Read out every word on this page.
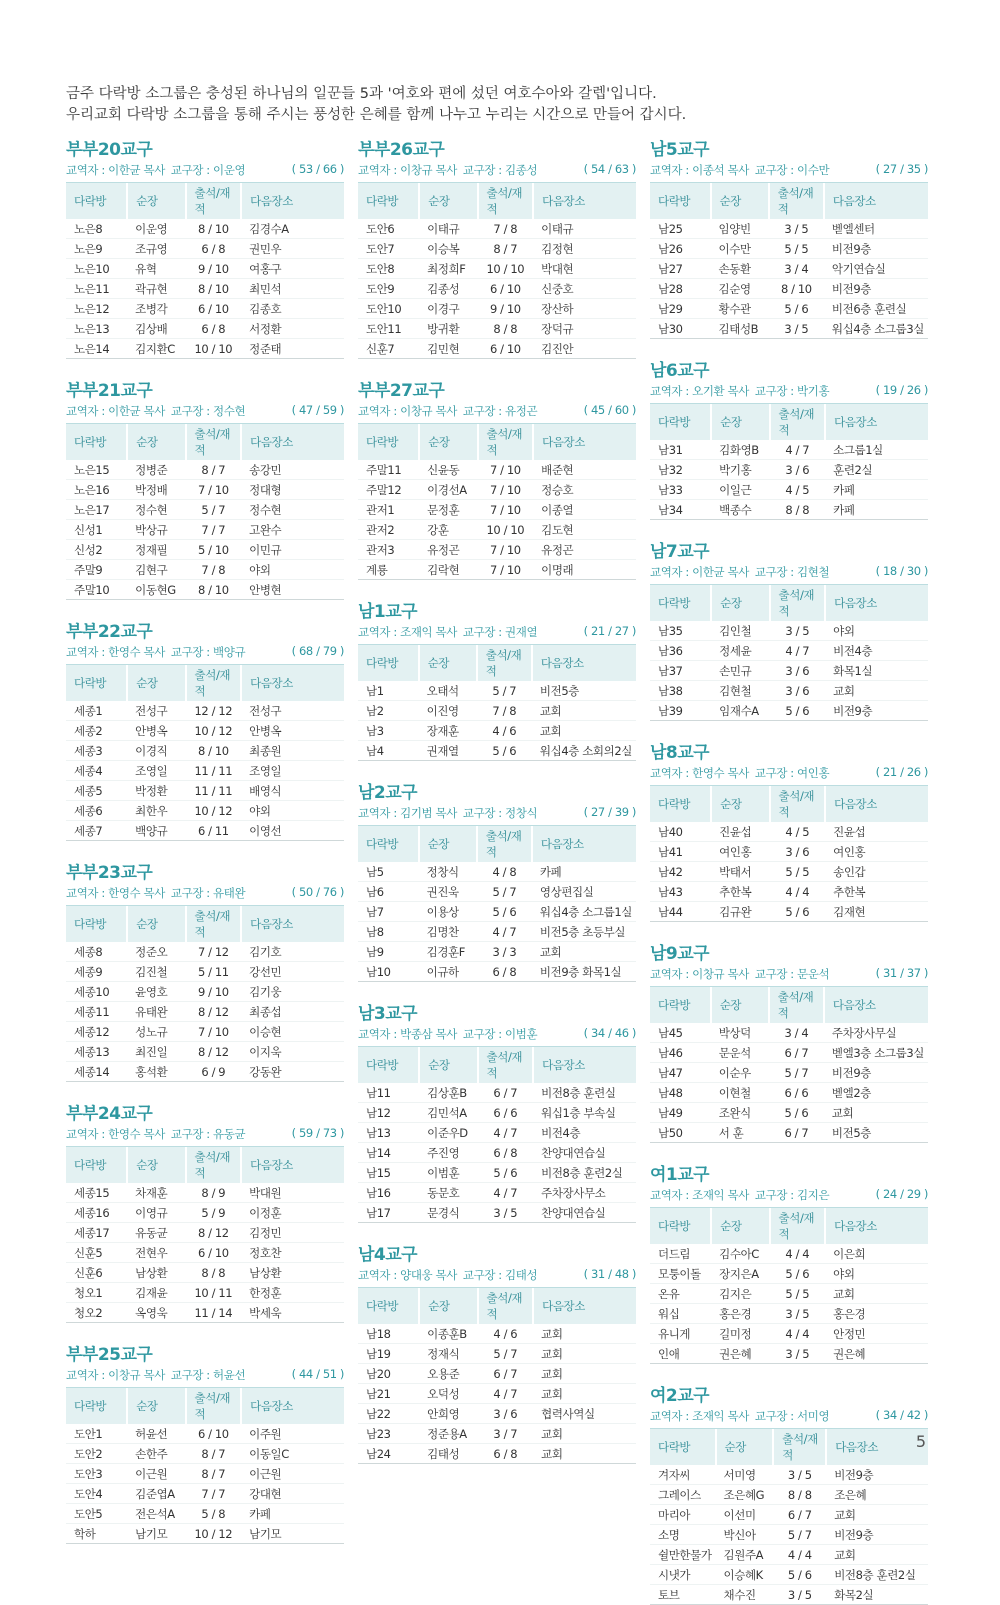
금주 다락방 소그룹은 충성된 하나님의 일꾼들 5과 '여호와 편에 섰던 여호수아와 갈렙'입니다.

우리교회 다락방 소그룹을 통해 주시는 풍성한 은혜를 함께 나누고 누리는 시간으로 만들어 갑시다.

부부20교구
교역자 : 이한균 목사 교구장 : 이운영	( 53 / 66 )
다락방	순장	출석/재적	다음장소
노은8	이운영	8 / 10	김경수A
노은9	조규영	6 / 8	권민우
노은10	유혁	9 / 10	여홍구
노은11	곽규현	8 / 10	최민석
노은12	조병각	6 / 10	김종호
노은13	김상배	6 / 8	서정환
노은14	김지환C	10 / 10	정준태
부부21교구
교역자 : 이한균 목사 교구장 : 정수현	( 47 / 59 )
다락방	순장	출석/재적	다음장소
노은15	정병준	8 / 7	송강민
노은16	박정배	7 / 10	정대형
노은17	정수현	5 / 7	정수현
신성1	박상규	7 / 7	고완수
신성2	정재필	5 / 10	이민규
주말9	김현구	7 / 8	야외
주말10	이동현G	8 / 10	안병현
부부22교구
교역자 : 한영수 목사 교구장 : 백양규	( 68 / 79 )
다락방	순장	출석/재적	다음장소
세종1	전성구	12 / 12	전성구
세종2	안병옥	10 / 12	안병옥
세종3	이경직	8 / 10	최종원
세종4	조영일	11 / 11	조영일
세종5	박정환	11 / 11	배영식
세종6	최한우	10 / 12	야외
세종7	백양규	6 / 11	이영선
부부23교구
교역자 : 한영수 목사 교구장 : 유태완	( 50 / 76 )
다락방	순장	출석/재적	다음장소
세종8	정준오	7 / 12	김기호
세종9	김진철	5 / 11	강선민
세종10	윤영호	9 / 10	김기웅
세종11	유태완	8 / 12	최종섭
세종12	성노규	7 / 10	이승현
세종13	최진일	8 / 12	이지욱
세종14	홍석환	6 / 9	강동완
부부24교구
교역자 : 한영수 목사 교구장 : 유동균	( 59 / 73 )
다락방	순장	출석/재적	다음장소
세종15	차재훈	8 / 9	박대원
세종16	이영규	5 / 9	이정훈
세종17	유동균	8 / 12	김정민
신훈5	전현우	6 / 10	정호찬
신훈6	남상환	8 / 8	남상환
청오1	김재윤	10 / 11	한정훈
청오2	옥영욱	11 / 14	박세욱
부부25교구
교역자 : 이창규 목사 교구장 : 허윤선	( 44 / 51 )
다락방	순장	출석/재적	다음장소
도안1	허윤선	6 / 10	이주원
도안2	손한주	8 / 7	이동일C
도안3	이근원	8 / 7	이근원
도안4	김준엽A	7 / 7	강대현
도안5	전은석A	5 / 8	카페
학하	남기모	10 / 12	남기모
부부26교구
교역자 : 이창규 목사 교구장 : 김종성	( 54 / 63 )
다락방	순장	출석/재적	다음장소
도안6	이태규	7 / 8	이태규
도안7	이승복	8 / 7	김정현
도안8	최정희F	10 / 10	박대현
도안9	김종성	6 / 10	신중호
도안10	이경구	9 / 10	장산하
도안11	방귀환	8 / 8	장덕규
신훈7	김민현	6 / 10	김진안
부부27교구
교역자 : 이창규 목사 교구장 : 유정곤	( 45 / 60 )
다락방	순장	출석/재적	다음장소
주말11	신윤동	7 / 10	배준현
주말12	이경선A	7 / 10	정승호
관저1	문정훈	7 / 10	이종열
관저2	강훈	10 / 10	김도현
관저3	유정곤	7 / 10	유정곤
계룡	김락현	7 / 10	이명래
남1교구
교역자 : 조재익 목사 교구장 : 권재열	( 21 / 27 )
다락방	순장	출석/재적	다음장소
남1	오태석	5 / 7	비전5층
남2	이진영	7 / 8	교회
남3	장재훈	4 / 6	교회
남4	권재열	5 / 6	워십4층 소회의2실
남2교구
교역자 : 김기범 목사 교구장 : 정창식	( 27 / 39 )
다락방	순장	출석/재적	다음장소
남5	정창식	4 / 8	카페
남6	권진욱	5 / 7	영상편집실
남7	이용상	5 / 6	워십4층 소그룹1실
남8	김명찬	4 / 7	비전5층 초등부실
남9	김경훈F	3 / 3	교회
남10	이규하	6 / 8	비전9층 화목1실
남3교구
교역자 : 박종삼 목사 교구장 : 이범훈	( 34 / 46 )
다락방	순장	출석/재적	다음장소
남11	김상훈B	6 / 7	비전8층 훈련실
남12	김민석A	6 / 6	워십1층 부속실
남13	이준우D	4 / 7	비전4층
남14	주진영	6 / 8	찬양대연습실
남15	이범훈	5 / 6	비전8층 훈련2실
남16	동문호	4 / 7	주차장사무소
남17	문경식	3 / 5	찬양대연습실
남4교구
교역자 : 양대웅 목사 교구장 : 김태성	( 31 / 48 )
다락방	순장	출석/재적	다음장소
남18	이종훈B	4 / 6	교회
남19	정재식	5 / 7	교회
남20	오용준	6 / 7	교회
남21	오덕성	4 / 7	교회
남22	안희영	3 / 6	협력사역실
남23	정준용A	3 / 7	교회
남24	김태성	6 / 8	교회
남5교구
교역자 : 이종석 목사 교구장 : 이수만	( 27 / 35 )
다락방	순장	출석/재적	다음장소
남25	임양빈	3 / 5	벧엘센터
남26	이수만	5 / 5	비전9층
남27	손동환	3 / 4	악기연습실
남28	김순영	8 / 10	비전9층
남29	황수관	5 / 6	비전6층 훈련실
남30	김태성B	3 / 5	워십4층 소그룹3실
남6교구
교역자 : 오기환 목사 교구장 : 박기홍	( 19 / 26 )
다락방	순장	출석/재적	다음장소
남31	김화영B	4 / 7	소그룹1실
남32	박기홍	3 / 6	훈련2실
남33	이일근	4 / 5	카페
남34	백종수	8 / 8	카페
남7교구
교역자 : 이한균 목사 교구장 : 김현철	( 18 / 30 )
다락방	순장	출석/재적	다음장소
남35	김인철	3 / 5	야외
남36	정세윤	4 / 7	비전4층
남37	손민규	3 / 6	화목1실
남38	김현철	3 / 6	교회
남39	임재수A	5 / 6	비전9층
남8교구
교역자 : 한영수 목사 교구장 : 여인홍	( 21 / 26 )
다락방	순장	출석/재적	다음장소
남40	진윤섭	4 / 5	진윤섭
남41	여인홍	3 / 6	여인홍
남42	박태서	5 / 5	송인갑
남43	추한복	4 / 4	추한복
남44	김규완	5 / 6	김재현
남9교구
교역자 : 이창규 목사 교구장 : 문운석	( 31 / 37 )
다락방	순장	출석/재적	다음장소
남45	박상덕	3 / 4	주차장사무실
남46	문운석	6 / 7	벧엘3층 소그룹3실
남47	이순우	5 / 7	비전9층
남48	이현철	6 / 6	벧엘2층
남49	조완식	5 / 6	교회
남50	서 훈	6 / 7	비전5층
여1교구
교역자 : 조재익 목사 교구장 : 김지은	( 24 / 29 )
다락방	순장	출석/재적	다음장소
더드림	김수아C	4 / 4	이은희
모퉁이돌	장지은A	5 / 6	야외
온유	김지은	5 / 5	교회
워십	홍은경	3 / 5	홍은경
유니게	길미정	4 / 4	안정민
인애	권은혜	3 / 5	권은혜
여2교구
교역자 : 조재익 목사 교구장 : 서미영	( 34 / 42 )
다락방	순장	출석/재적	다음장소
겨자씨	서미영	3 / 5	비전9층
그레이스	조은혜G	8 / 8	조은혜
마리아	이선미	6 / 7	교회
소명	박신아	5 / 7	비전9층
쉴만한물가	김원주A	4 / 4	교회
시냇가	이승혜K	5 / 6	비전8층 훈련2실
토브	채수진	3 / 5	화목2실
5
